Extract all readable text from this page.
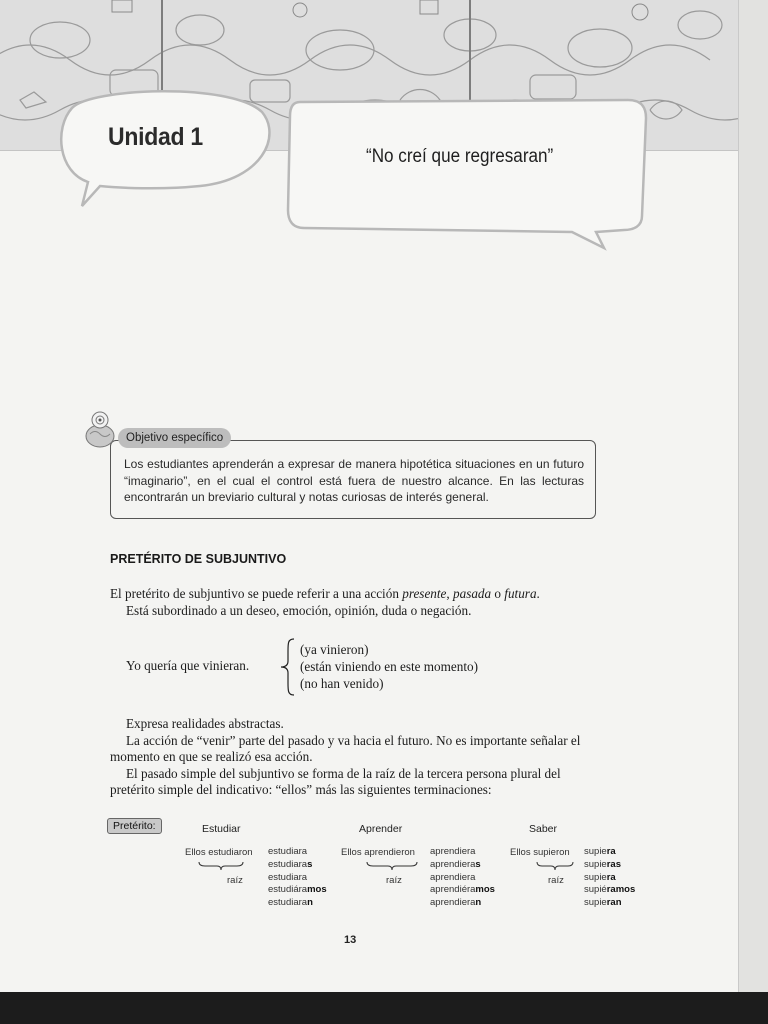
Unidad 1
“No creí que regresaran”
Objetivo específico
Los estudiantes aprenderán a expresar de manera hipotética situaciones en un futuro “imaginario”, en el cual el control está fuera de nuestro alcance. En las lecturas encontrarán un breviario cultural y notas curiosas de interés general.
PRETÉRITO DE SUBJUNTIVO
El pretérito de subjuntivo se puede referir a una acción presente, pasada o futura.
Está subordinado a un deseo, emoción, opinión, duda o negación.
Yo quería que vinieran.
(ya vinieron)
(están viniendo en este momento)
(no han venido)
Expresa realidades abstractas.
La acción de “venir” parte del pasado y va hacia el futuro. No es importante señalar el momento en que se realizó esa acción.
El pasado simple del subjuntivo se forma de la raíz de la tercera persona plural del pretérito simple del indicativo: “ellos” más las siguientes terminaciones:
Pretérito:	Estudiar
Ellos estudiaron
raíz
estudiara
estudiaras
estudiara
estudiáramos
estudiaran
Aprender
Ellos aprendieron
raíz
aprendiera
aprendieras
aprendiera
aprendiéramos
aprendieran
Saber
Ellos supieron
raíz
supiera
supieras
supiera
supiéramos
supieran
13
